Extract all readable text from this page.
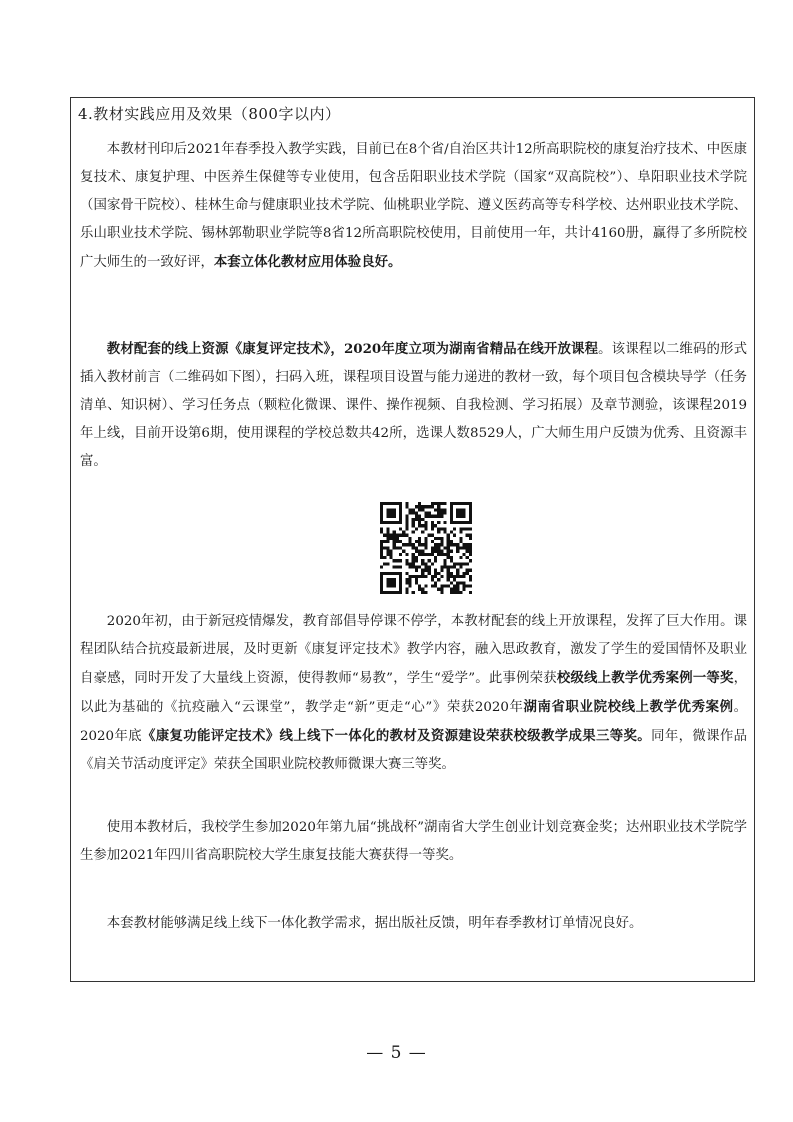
4.教材实践应用及效果（800字以内）

本教材刊印后2021年春季投入教学实践，目前已在8个省/自治区共计12所高职院校的康复治疗技术、中医康复技术、康复护理、中医养生保健等专业使用，包含岳阳职业技术学院（国家“双高院校”）、阜阳职业技术学院（国家骨干院校）、桂林生命与健康职业技术学院、仙桃职业学院、遵义医药高等专科学校、达州职业技术学院、乐山职业技术学院、锡林郭勒职业学院等8省12所高职院校使用，目前使用一年，共计4160册，赢得了多所院校广大师生的一致好评，本套立体化教材应用体验良好。

教材配套的线上资源《康复评定技术》，2020年度立项为湖南省精品在线开放课程。该课程以二维码的形式插入教材前言（二维码如下图），扫码入班，课程项目设置与能力递进的教材一致，每个项目包含模块导学（任务清单、知识树）、学习任务点（颗粒化微课、课件、操作视频、自我检测、学习拓展）及章节测验，该课程2019年上线，目前开设第6期，使用课程的学校总数共42所，选课人数8529人，广大师生用户反馈为优秀、且资源丰富。

2020年初，由于新冠疫情爆发，教育部倡导停课不停学，本教材配套的线上开放课程，发挥了巨大作用。课程团队结合抗疫最新进展，及时更新《康复评定技术》教学内容，融入思政教育，激发了学生的爱国情怀及职业自豪感，同时开发了大量线上资源，使得教师“易教”，学生“爱学”。此事例荣获校级线上教学优秀案例一等奖，以此为基础的《抗疫融入“云课堂”，教学走“新”更走“心”》荣获2020年湖南省职业院校线上教学优秀案例。2020年底《康复功能评定技术》线上线下一体化的教材及资源建设荣获校级教学成果三等奖。同年，微课作品《肩关节活动度评定》荣获全国职业院校教师微课大赛三等奖。

使用本教材后，我校学生参加2020年第九届“挑战杯”湖南省大学生创业计划竞赛金奖；达州职业技术学院学生参加2021年四川省高职院校大学生康复技能大赛获得一等奖。

本套教材能够满足线上线下一体化教学需求，据出版社反馈，明年春季教材订单情况良好。

— 5 —
